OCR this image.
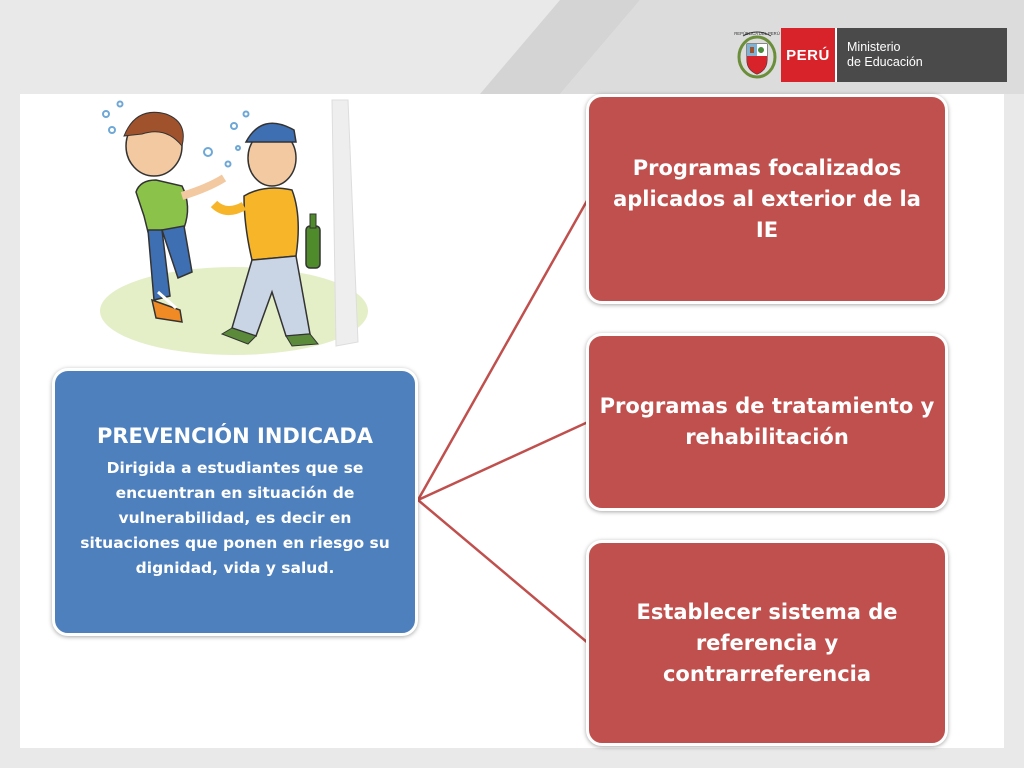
REPÚBLICA DEL PERÚ
PERÚ	Ministerio
de Educación
PREVENCIÓN INDICADA
Dirigida a estudiantes que se encuentran en situación de vulnerabilidad, es decir en situaciones que ponen en riesgo su dignidad, vida y salud.
Programas focalizados aplicados al exterior de la IE
Programas de tratamiento y rehabilitación
Establecer sistema de referencia y contrarreferencia
